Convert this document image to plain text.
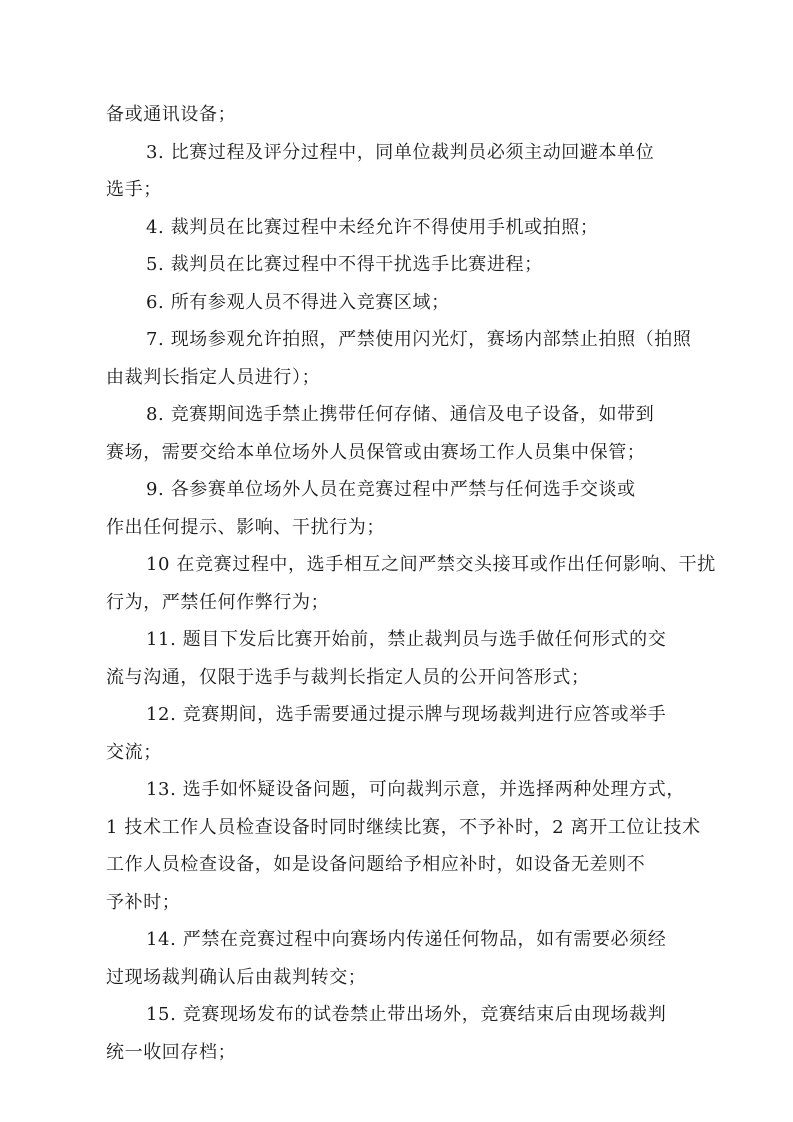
备或通讯设备；

3. 比赛过程及评分过程中，同单位裁判员必须主动回避本单位
选手；

4. 裁判员在比赛过程中未经允许不得使用手机或拍照；

5. 裁判员在比赛过程中不得干扰选手比赛进程；

6. 所有参观人员不得进入竞赛区域；

7. 现场参观允许拍照，严禁使用闪光灯，赛场内部禁止拍照（拍照
由裁判长指定人员进行）；

8. 竞赛期间选手禁止携带任何存储、通信及电子设备，如带到
赛场，需要交给本单位场外人员保管或由赛场工作人员集中保管；

9. 各参赛单位场外人员在竞赛过程中严禁与任何选手交谈或
作出任何提示、影响、干扰行为；

10 在竞赛过程中，选手相互之间严禁交头接耳或作出任何影响、干扰
行为，严禁任何作弊行为；

11. 题目下发后比赛开始前，禁止裁判员与选手做任何形式的交
流与沟通，仅限于选手与裁判长指定人员的公开问答形式；

12. 竞赛期间，选手需要通过提示牌与现场裁判进行应答或举手
交流；

13. 选手如怀疑设备问题，可向裁判示意，并选择两种处理方式，
1 技术工作人员检查设备时同时继续比赛，不予补时，2 离开工位让技术
工作人员检查设备，如是设备问题给予相应补时，如设备无差则不
予补时；

14. 严禁在竞赛过程中向赛场内传递任何物品，如有需要必须经
过现场裁判确认后由裁判转交；

15. 竞赛现场发布的试卷禁止带出场外，竞赛结束后由现场裁判
统一收回存档；
